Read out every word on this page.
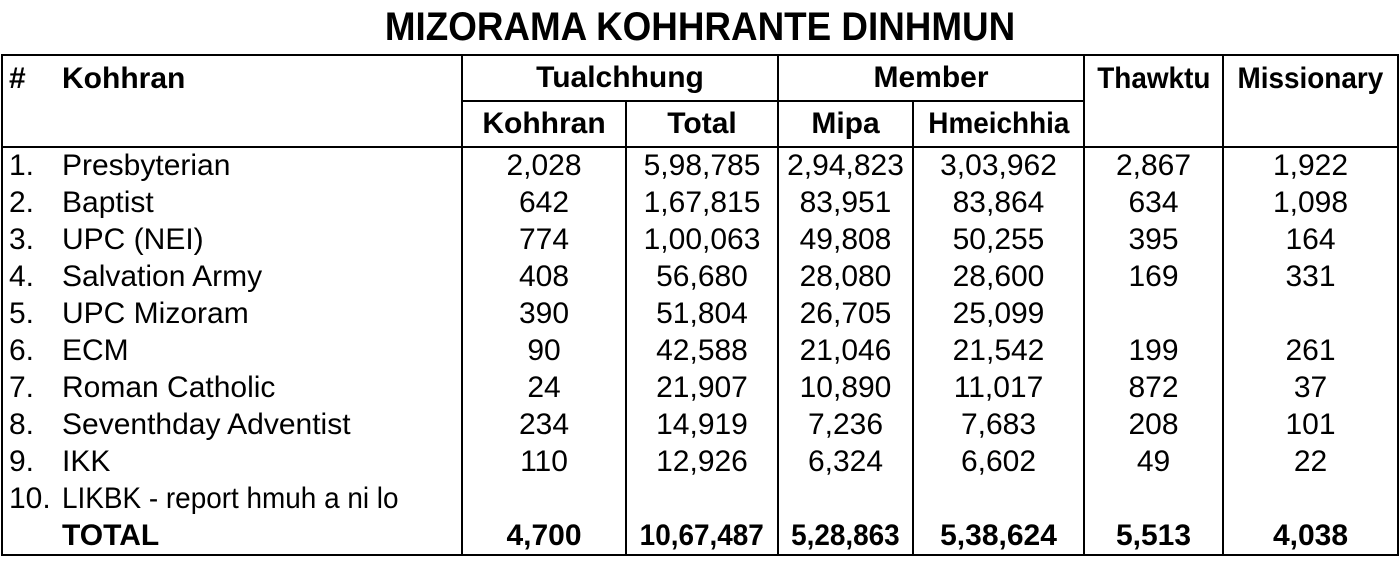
MIZORAMA KOHHRANTE DINHMUN
#	Kohhran	Tualchhung		Member		Thawktu	Missionary
		Kohhran	Total	Mipa	Hmeichhia		
1.	Presbyterian	2,028	5,98,785	2,94,823	3,03,962	2,867	1,922
2.	Baptist	642	1,67,815	83,951	83,864	634	1,098
3.	UPC (NEI)	774	1,00,063	49,808	50,255	395	164
4.	Salvation Army	408	56,680	28,080	28,600	169	331
5.	UPC Mizoram	390	51,804	26,705	25,099		
6.	ECM	90	42,588	21,046	21,542	199	261
7.	Roman Catholic	24	21,907	10,890	11,017	872	37
8.	Seventhday Adventist	234	14,919	7,236	7,683	208	101
9.	IKK	110	12,926	6,324	6,602	49	22
10.	LIKBK - report hmuh a ni lo						
	TOTAL	4,700	10,67,487	5,28,863	5,38,624	5,513	4,038
